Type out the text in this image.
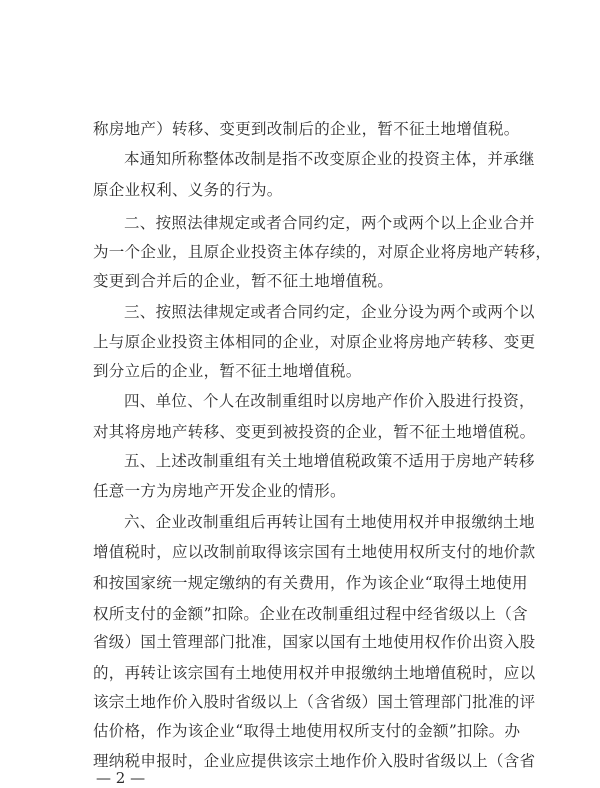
称房地产）转移、变更到改制后的企业，暂不征土地增值税。
本通知所称整体改制是指不改变原企业的投资主体，并承继
原企业权利、义务的行为。
二、按照法律规定或者合同约定，两个或两个以上企业合并
为一个企业，且原企业投资主体存续的，对原企业将房地产转移，
变更到合并后的企业，暂不征土地增值税。
三、按照法律规定或者合同约定，企业分设为两个或两个以
上与原企业投资主体相同的企业，对原企业将房地产转移、变更
到分立后的企业，暂不征土地增值税。
四、单位、个人在改制重组时以房地产作价入股进行投资，
对其将房地产转移、变更到被投资的企业，暂不征土地增值税。
五、上述改制重组有关土地增值税政策不适用于房地产转移
任意一方为房地产开发企业的情形。
六、企业改制重组后再转让国有土地使用权并申报缴纳土地
增值税时，应以改制前取得该宗国有土地使用权所支付的地价款
和按国家统一规定缴纳的有关费用，作为该企业“取得土地使用
权所支付的金额”扣除。企业在改制重组过程中经省级以上（含
省级）国土管理部门批准，国家以国有土地使用权作价出资入股
的，再转让该宗国有土地使用权并申报缴纳土地增值税时，应以
该宗土地作价入股时省级以上（含省级）国土管理部门批准的评
估价格，作为该企业“取得土地使用权所支付的金额”扣除。办
理纳税申报时，企业应提供该宗土地作价入股时省级以上（含省
— 2 —
